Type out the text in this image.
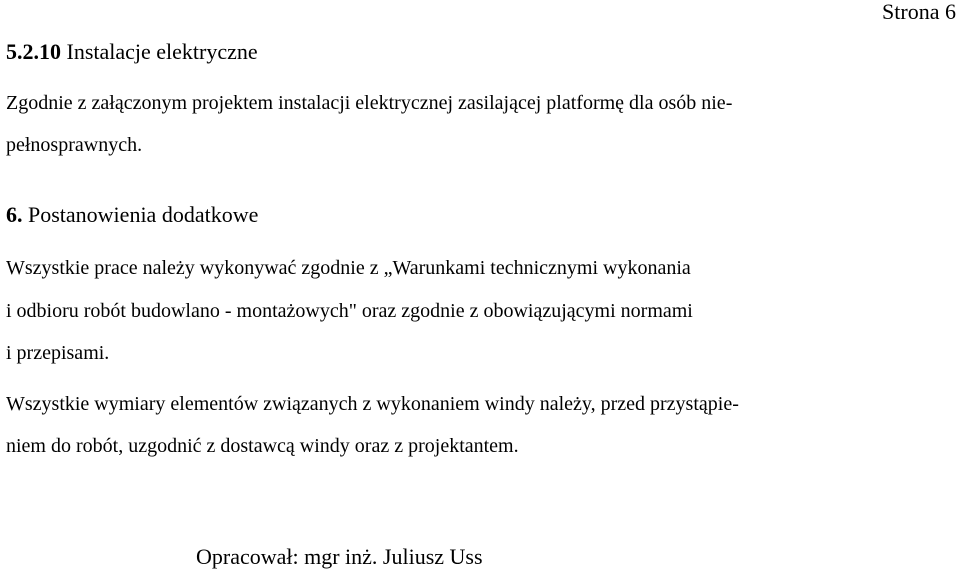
Strona 6
5.2.10 Instalacje elektryczne
Zgodnie z załączonym projektem instalacji elektrycznej zasilającej platformę dla osób nie-
pełnosprawnych.
6. Postanowienia dodatkowe
Wszystkie prace należy wykonywać zgodnie z „Warunkami technicznymi wykonania
i odbioru robót budowlano - montażowych" oraz zgodnie z obowiązującymi normami
i przepisami.
Wszystkie wymiary elementów związanych z wykonaniem windy należy, przed przystąpie-
niem do robót, uzgodnić z dostawcą windy oraz z projektantem.
Opracował: mgr inż. Juliusz Uss
